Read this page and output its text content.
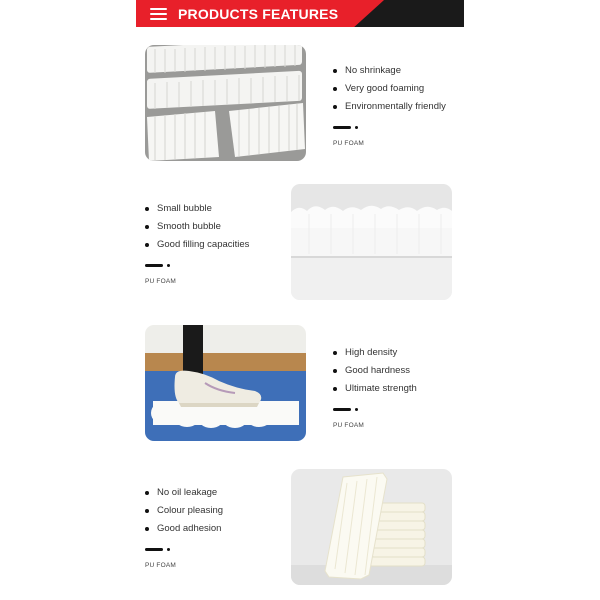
PRODUCTS FEATURES
No shrinkage
Very good foaming
Environmentally friendly
PU FOAM
Small bubble
Smooth bubble
Good filling capacities
PU FOAM
High density
Good hardness
Ultimate strength
PU FOAM
No oil leakage
Colour pleasing
Good adhesion
PU FOAM
